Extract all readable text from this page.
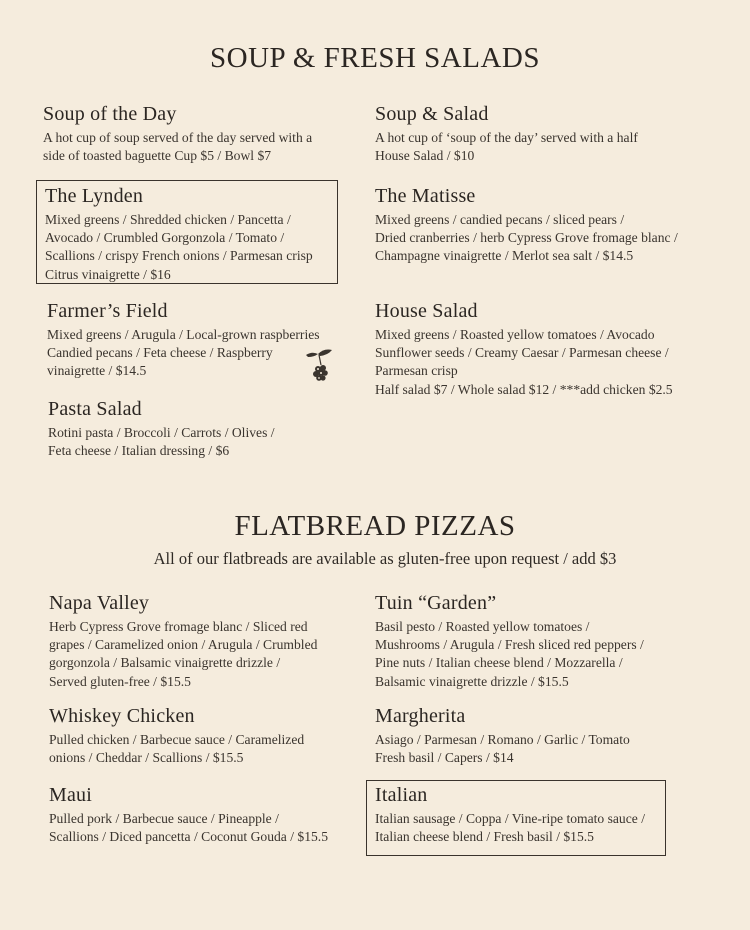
SOUP & FRESH SALADS
Soup of the Day
A hot cup of soup served of the day served with a
side of toasted baguette Cup $5 / Bowl $7
Soup & Salad
A hot cup of ‘soup of the day’ served with a half
House Salad / $10
The Lynden
Mixed greens / Shredded chicken / Pancetta /
Avocado / Crumbled Gorgonzola / Tomato /
Scallions / crispy French onions / Parmesan crisp
Citrus vinaigrette / $16
The Matisse
Mixed greens / candied pecans / sliced pears /
Dried cranberries / herb Cypress Grove fromage blanc /
Champagne vinaigrette / Merlot sea salt / $14.5
Farmer’s Field
Mixed greens / Arugula / Local-grown raspberries
Candied pecans / Feta cheese / Raspberry
vinaigrette / $14.5
House Salad
Mixed greens / Roasted yellow tomatoes / Avocado
Sunflower seeds / Creamy Caesar / Parmesan cheese /
Parmesan crisp
Half salad $7 / Whole salad $12 / ***add chicken $2.5
Pasta Salad
Rotini pasta / Broccoli / Carrots / Olives /
Feta cheese / Italian dressing / $6
FLATBREAD PIZZAS
All of our flatbreads are available as gluten-free upon request / add $3
Napa Valley
Herb Cypress Grove fromage blanc / Sliced red
grapes / Caramelized onion / Arugula / Crumbled
gorgonzola / Balsamic vinaigrette drizzle /
Served gluten-free / $15.5
Tuin “Garden”
Basil pesto / Roasted yellow tomatoes /
Mushrooms / Arugula / Fresh sliced red peppers /
Pine nuts / Italian cheese blend / Mozzarella /
Balsamic vinaigrette drizzle / $15.5
Whiskey Chicken
Pulled chicken / Barbecue sauce / Caramelized
onions / Cheddar / Scallions / $15.5
Margherita
Asiago / Parmesan / Romano / Garlic / Tomato
Fresh basil / Capers / $14
Maui
Pulled pork / Barbecue sauce / Pineapple /
Scallions / Diced pancetta / Coconut Gouda / $15.5
Italian
Italian sausage / Coppa / Vine-ripe tomato sauce /
Italian cheese blend / Fresh basil / $15.5
